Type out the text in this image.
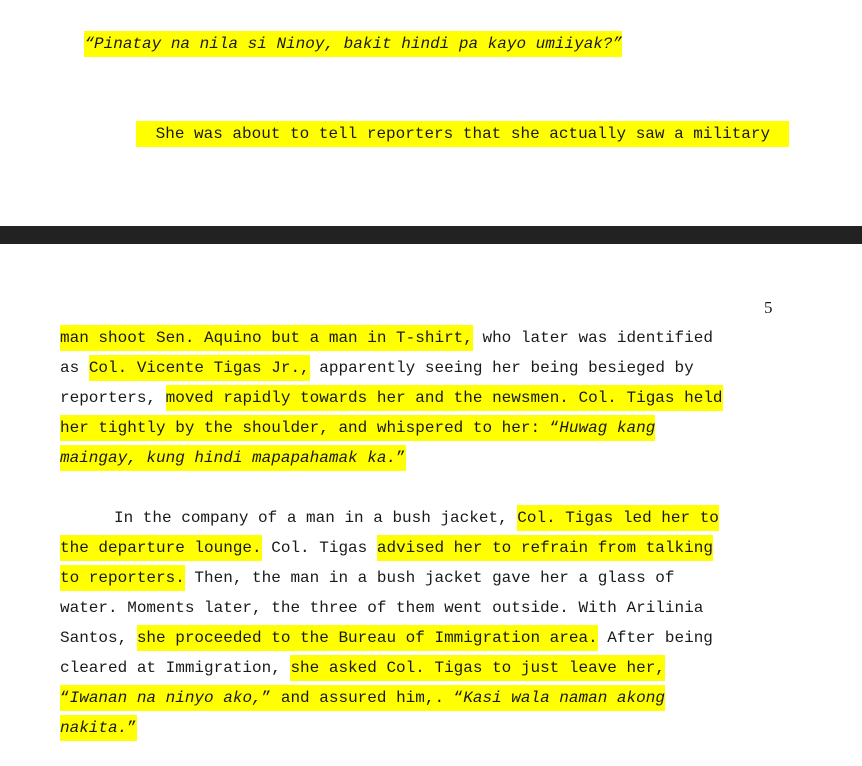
“Pinatay na nila si Ninoy, bakit hindi pa kayo umiiyak?”

She was about to tell reporters that she actually saw a military

5
man shoot Sen. Aquino but a man in T-shirt, who later was identified
as Col. Vicente Tigas Jr., apparently seeing her being besieged by
reporters, moved rapidly towards her and the newsmen. Col. Tigas held
her tightly by the shoulder, and whispered to her: “Huwag kang
maingay, kung hindi mapapahamak ka.”
In the company of a man in a bush jacket, Col. Tigas led her to
the departure lounge. Col. Tigas advised her to refrain from talking
to reporters. Then, the man in a bush jacket gave her a glass of
water. Moments later, the three of them went outside. With Arilinia
Santos, she proceeded to the Bureau of Immigration area. After being
cleared at Immigration, she asked Col. Tigas to just leave her,
“Iwanan na ninyo ako,” and assured him,. “Kasi wala naman akong
nakita.”
